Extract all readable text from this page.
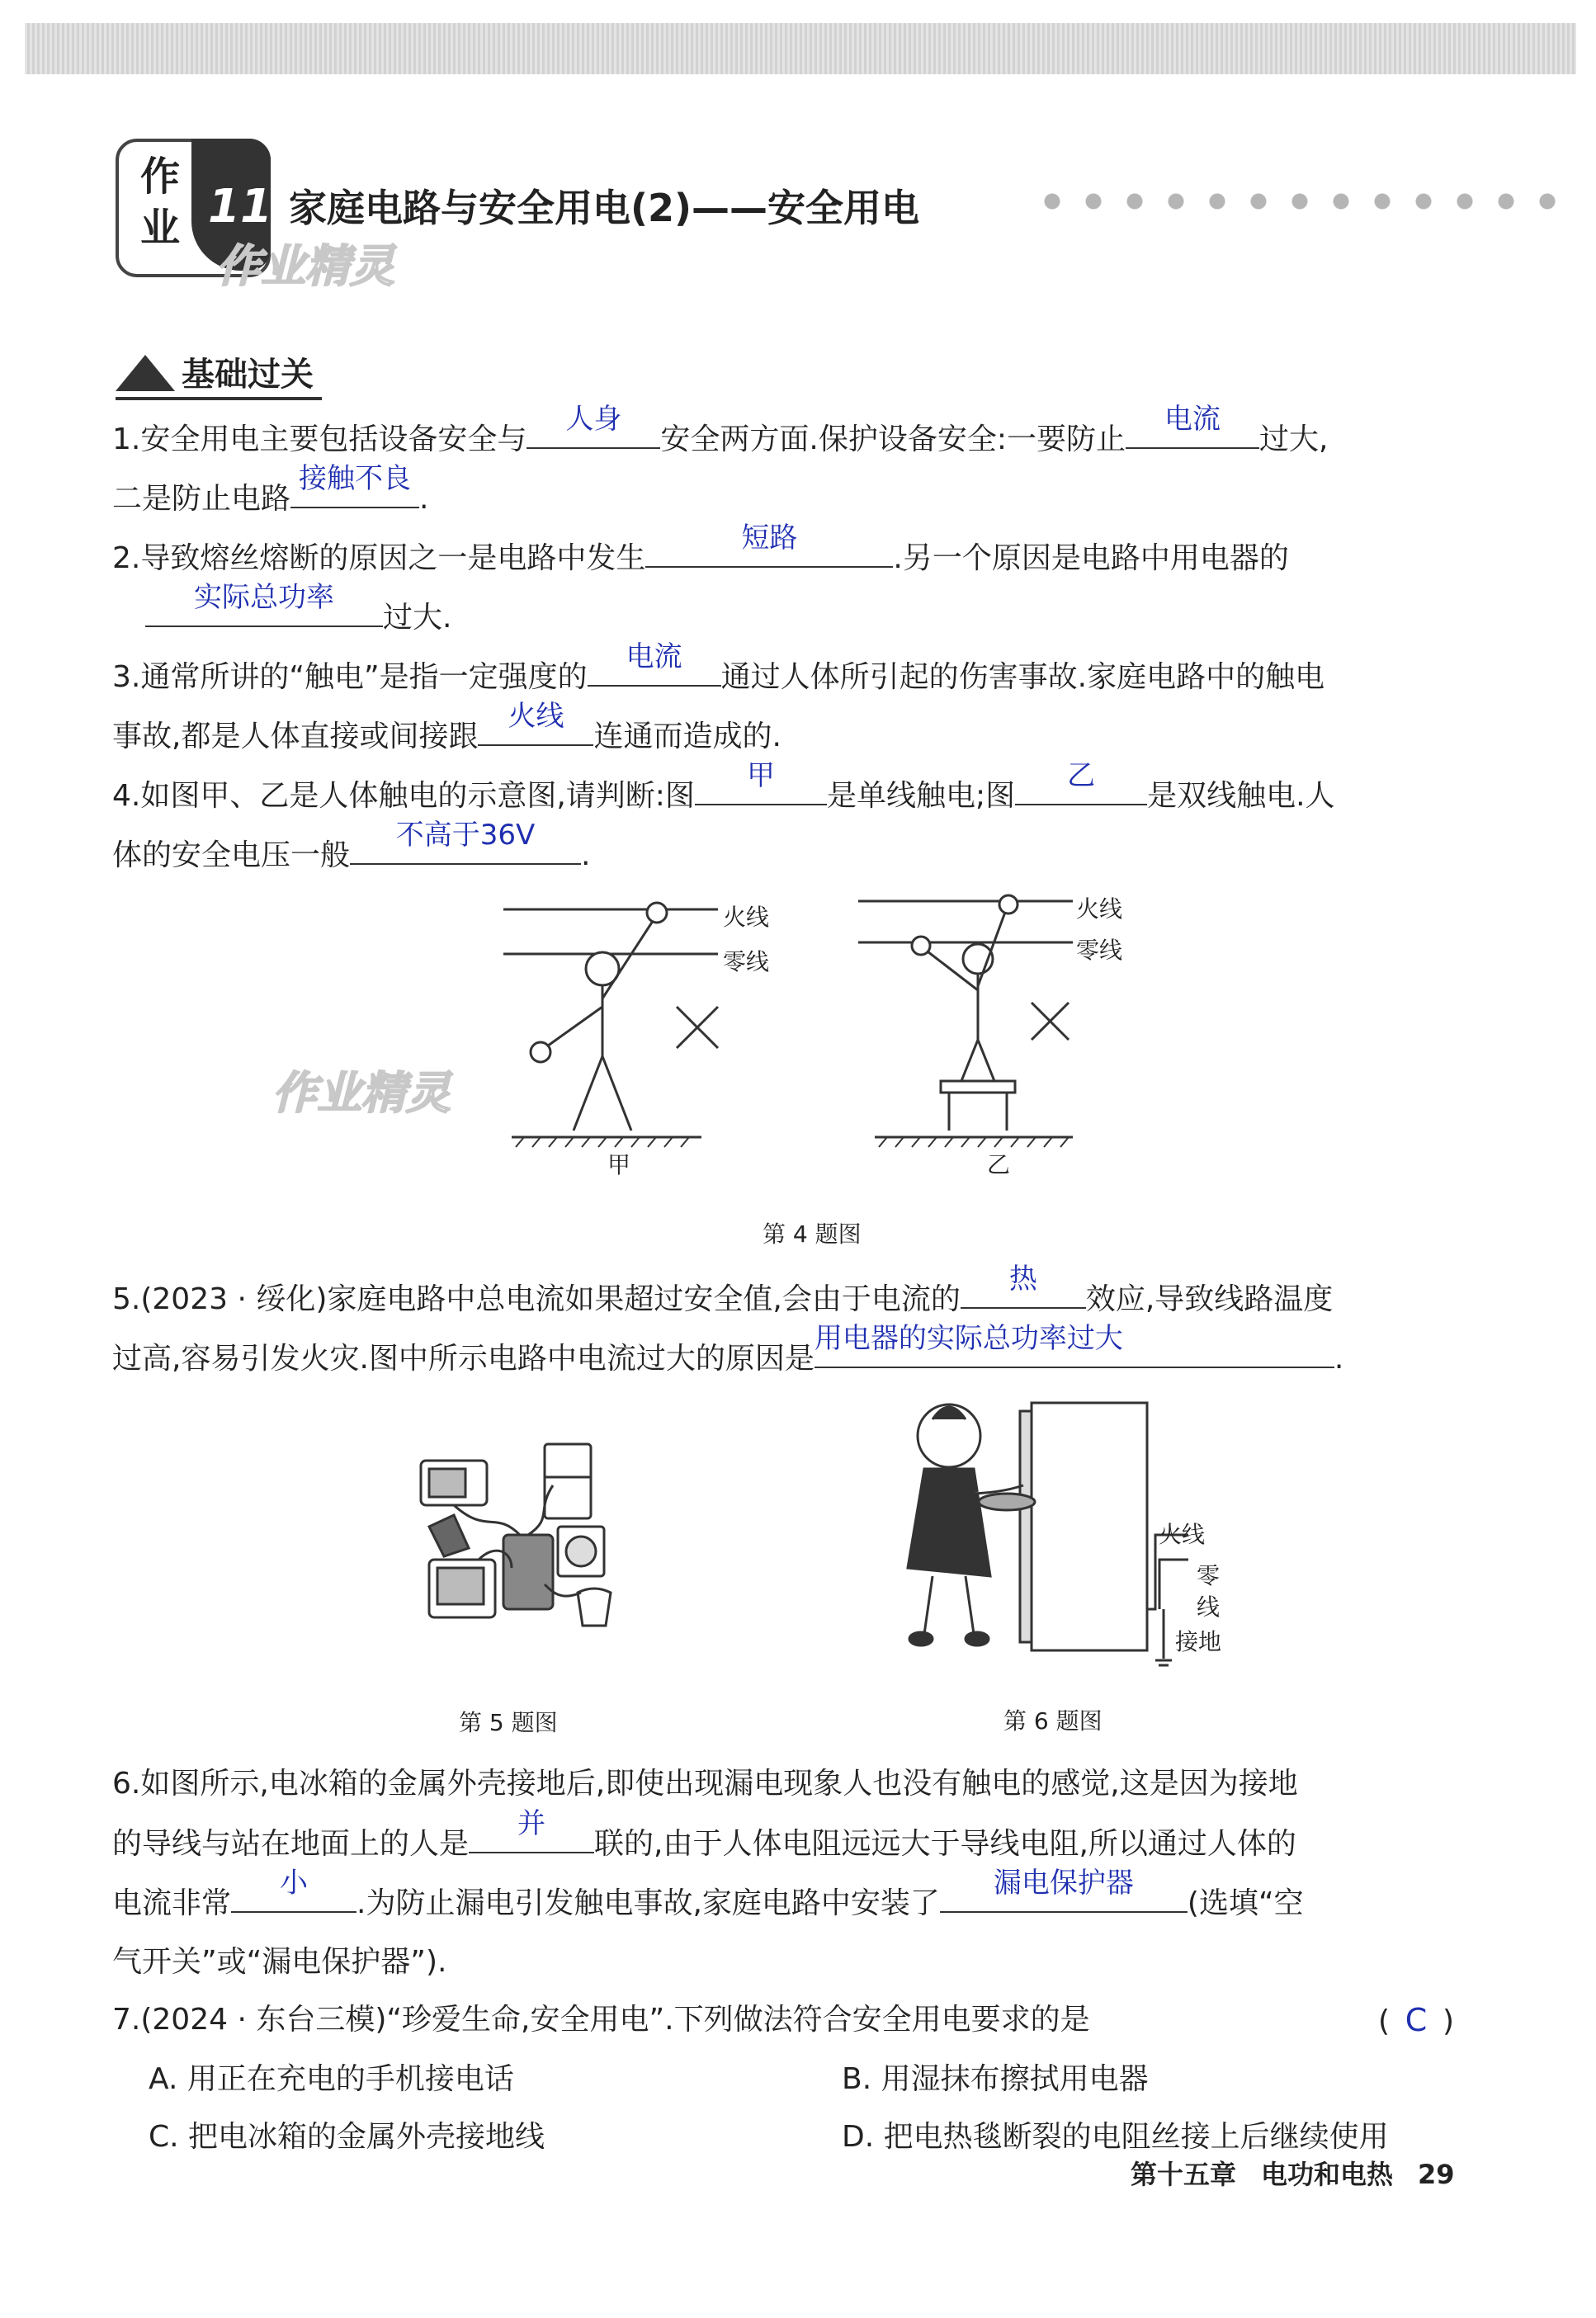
作
业 11 家庭电路与安全用电(2)——安全用电
作业精灵
基础过关
1.安全用电主要包括设备安全与
人身
安全两方面.保护设备安全:一要防止
电流
过大,
二是防止电路
接触不良
.
2.导致熔丝熔断的原因之一是电路中发生
短路
.另一个原因是电路中用电器的
实际总功率
过大.
3.通常所讲的“触电”是指一定强度的
电流
通过人体所引起的伤害事故.家庭电路中的触电
事故,都是人体直接或间接跟
火线
连通而造成的.
4.如图甲、乙是人体触电的示意图,请判断:图
甲
是单线触电;图
乙
是双线触电.人
体的安全电压一般
不高于36V
.
火线
零线
火线
零线
甲	乙
作业精灵
第 4 题图
5.(2023 · 绥化)家庭电路中总电流如果超过安全值,会由于电流的
热
效应,导致线路温度
过高,容易引发火灾.图中所示电路中电流过大的原因是
用电器的实际总功率过大
.
第 5 题图
火线
零
线
接地
第 6 题图
6.如图所示,电冰箱的金属外壳接地后,即使出现漏电现象人也没有触电的感觉,这是因为接地
的导线与站在地面上的人是
并
联的,由于人体电阻远远大于导线电阻,所以通过人体的
电流非常
小
.为防止漏电引发触电事故,家庭电路中安装了
漏电保护器
(选填“空
气开关”或“漏电保护器”).
7.(2024 · 东台三模)“珍爱生命,安全用电”.下列做法符合安全用电要求的是	( C )
A. 用正在充电的手机接电话	B. 用湿抹布擦拭用电器
C. 把电冰箱的金属外壳接地线	D. 把电热毯断裂的电阻丝接上后继续使用
第十五章 电功和电热 29
